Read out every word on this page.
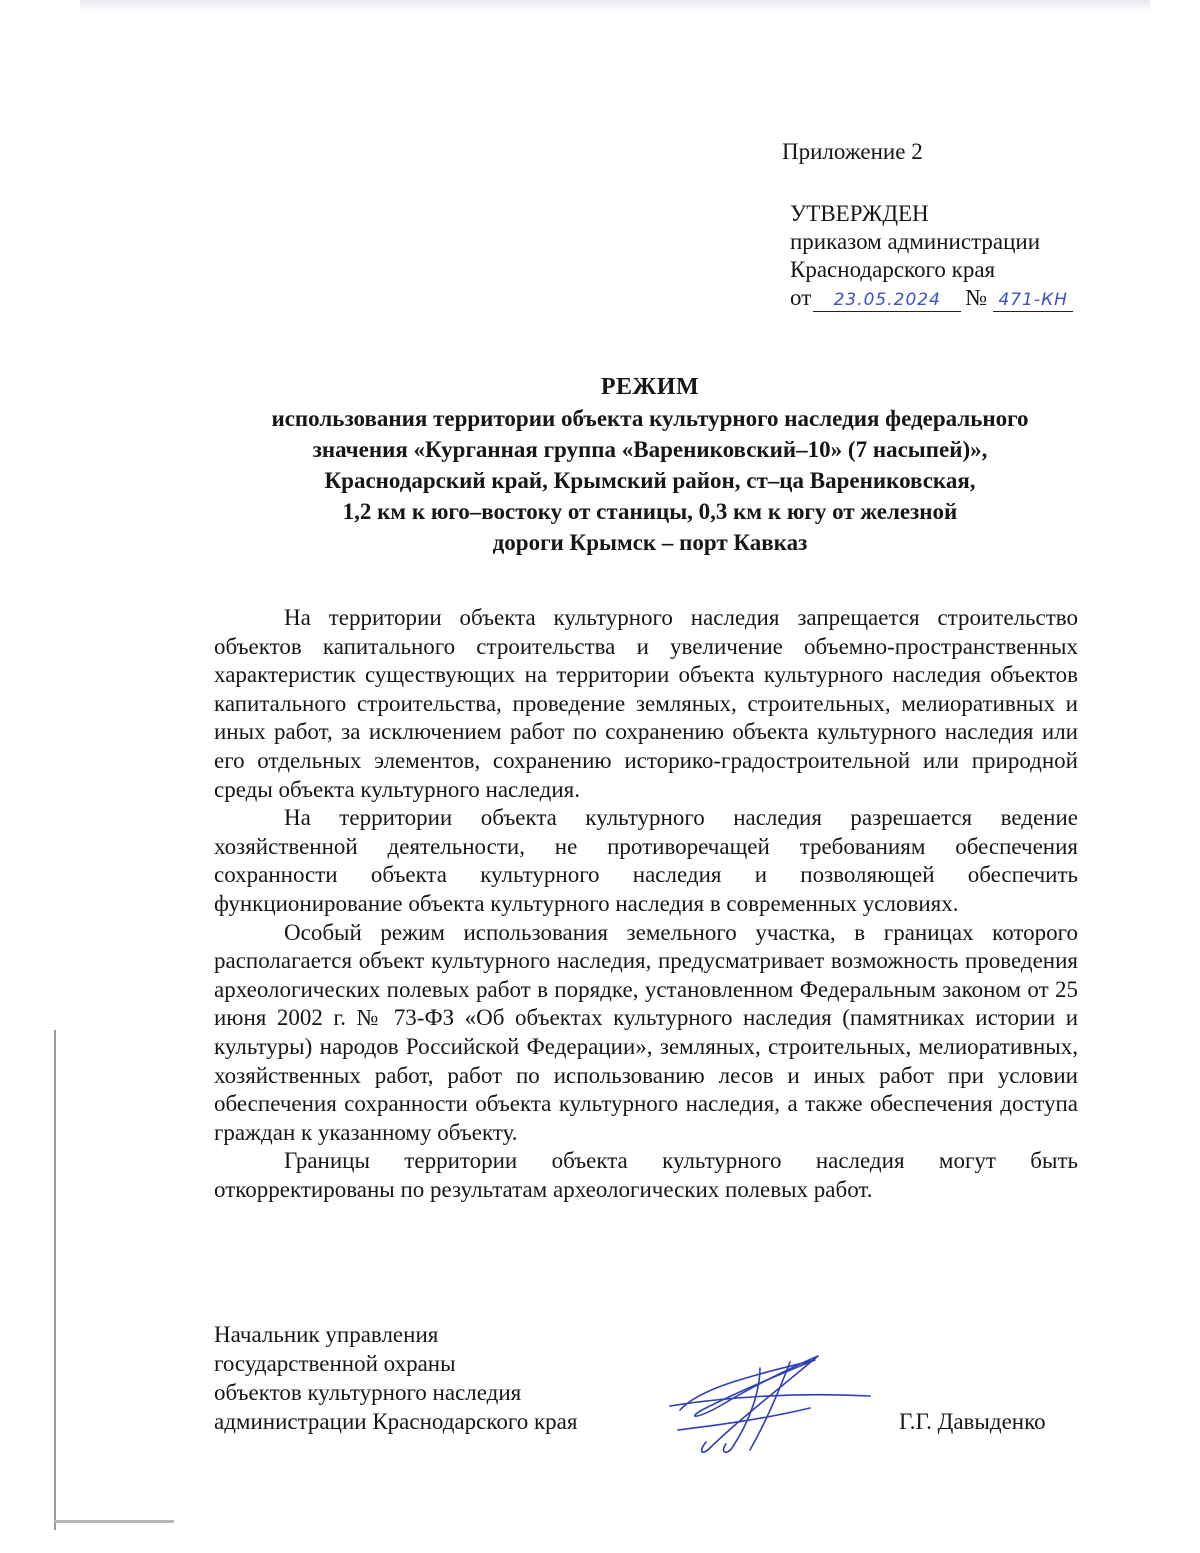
Приложение 2
УТВЕРЖДЕН
приказом администрации
Краснодарского края
от	23.05.2024	№ 471-КН
РЕЖИМ
использования территории объекта культурного наследия федерального
значения «Курганная группа «Варениковский–10» (7 насыпей)»,
Краснодарский край, Крымский район, ст–ца Варениковская,
1,2 км к юго–востоку от станицы, 0,3 км к югу от железной
дороги Крымск – порт Кавказ

На территории объекта культурного наследия запрещается строительство объектов капитального строительства и увеличение объемно-пространственных характеристик существующих на территории объекта культурного наследия объектов капитального строительства, проведение земляных, строительных, мелиоративных и иных работ, за исключением работ по сохранению объекта культурного наследия или его отдельных элементов, сохранению историко-градостроительной или природной среды объекта культурного наследия.

На территории объекта культурного наследия разрешается ведение хозяйственной деятельности, не противоречащей требованиям обеспечения сохранности объекта культурного наследия и позволяющей обеспечить функционирование объекта культурного наследия в современных условиях.

Особый режим использования земельного участка, в границах которого располагается объект культурного наследия, предусматривает возможность проведения археологических полевых работ в порядке, установленном Федеральным законом от 25 июня 2002 г. № 73-ФЗ «Об объектах культурного наследия (памятниках истории и культуры) народов Российской Федерации», земляных, строительных, мелиоративных, хозяйственных работ, работ по использованию лесов и иных работ при условии обеспечения сохранности объекта культурного наследия, а также обеспечения доступа граждан к указанному объекту.

Границы территории объекта культурного наследия могут быть откорректированы по результатам археологических полевых работ.

Начальник управления
государственной охраны
объектов культурного наследия
администрации Краснодарского края	Г.Г. Давыденко
